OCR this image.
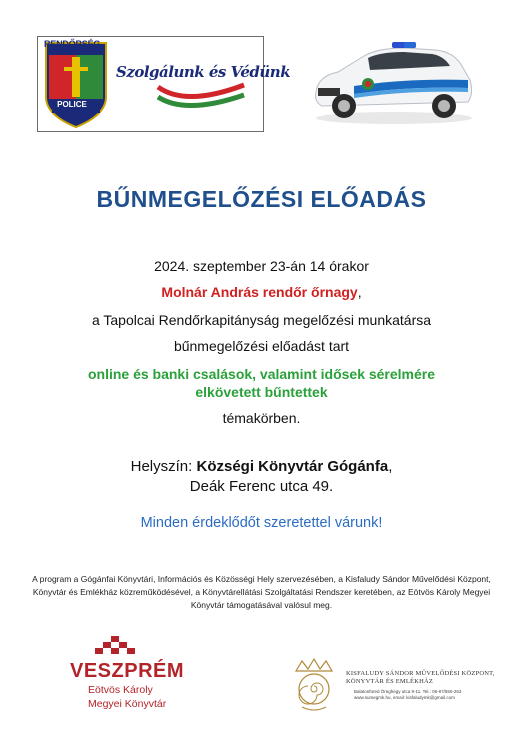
RENDŐRSÉG
POLICE
Szolgálunk és Védünk
BŰNMEGELŐZÉSI ELŐADÁS
2024. szeptember 23-án 14 órakor
Molnár András rendőr őrnagy,
a Tapolcai Rendőrkapitányság megelőzési munkatársa
bűnmegelőzési előadást tart
online és banki csalások, valamint idősek sérelmére
elkövetett bűntettek
témakörben.
Helyszín: Községi Könyvtár Gógánfa,
Deák Ferenc utca 49.
Minden érdeklődőt szeretettel várunk!
A program a Gógánfai Könyvtári, Információs és Közösségi Hely szervezésében, a Kisfaludy Sándor Művelődési Központ, Könyvtár és Emlékház közreműködésével, a Könyvtárellátási Szolgáltatási Rendszer keretében, az Eötvös Károly Megyei Könyvtár támogatásával valósul meg.
VESZPRÉM
Eötvös Károly
Megyei Könyvtár
KISFALUDY SÁNDOR MŰVELŐDÉSI KÖZPONT,
KÖNYVTÁR ÉS EMLÉKHÁZ
Balatonfüred Öreghegy utca 9-11. Tel.: 06-87/550-263
www.sumegmk.hu, email: kisfaludymk@gmail.com
